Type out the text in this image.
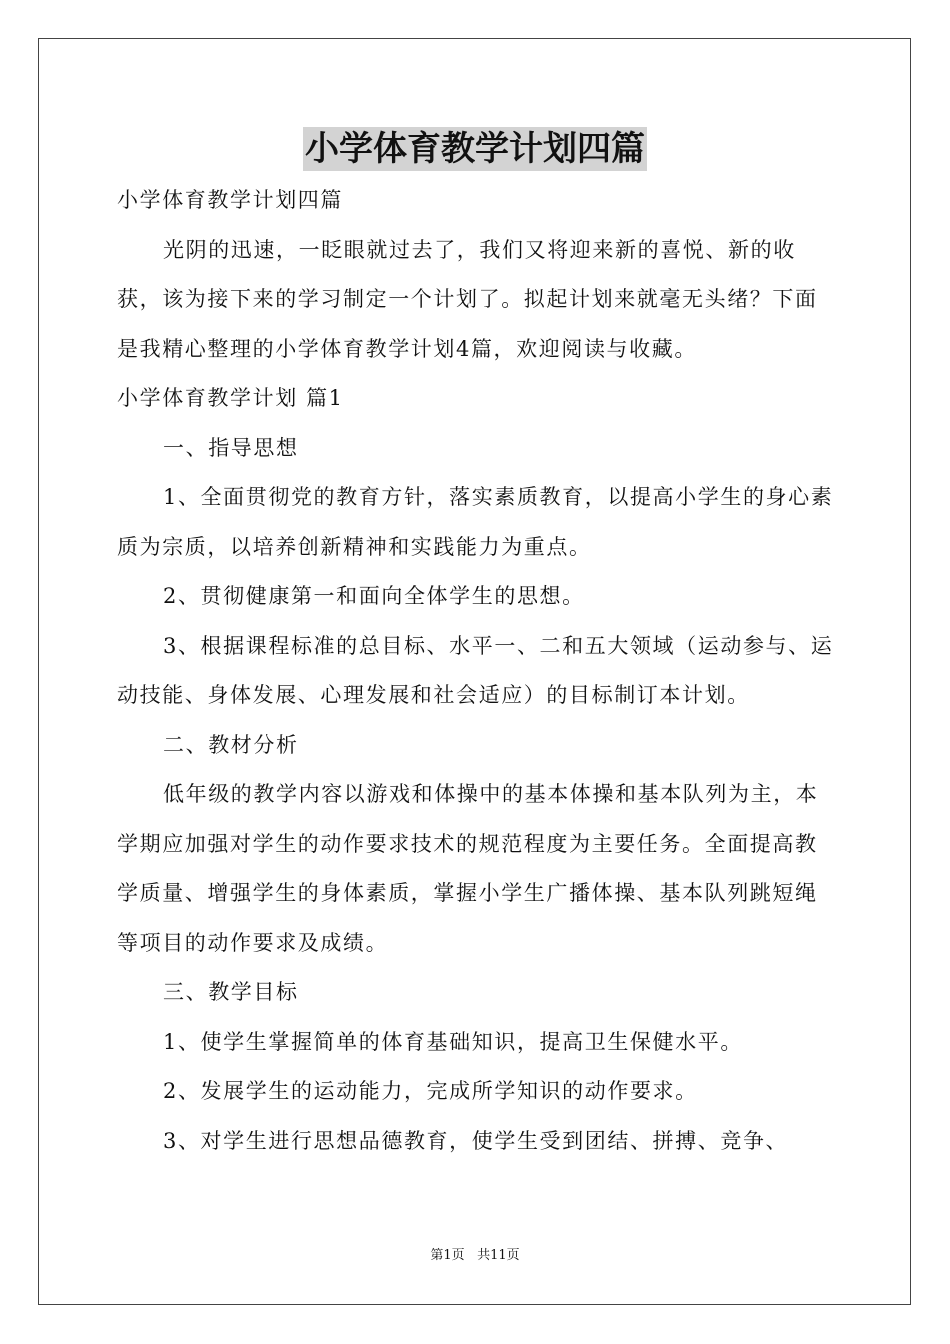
小学体育教学计划四篇

小学体育教学计划四篇

光阴的迅速，一眨眼就过去了，我们又将迎来新的喜悦、新的收获，该为接下来的学习制定一个计划了。拟起计划来就毫无头绪？下面是我精心整理的小学体育教学计划4篇，欢迎阅读与收藏。

小学体育教学计划 篇1

一、指导思想

1、全面贯彻党的教育方针，落实素质教育，以提高小学生的身心素质为宗质，以培养创新精神和实践能力为重点。

2、贯彻健康第一和面向全体学生的思想。

3、根据课程标准的总目标、水平一、二和五大领域（运动参与、运动技能、身体发展、心理发展和社会适应）的目标制订本计划。

二、教材分析

低年级的教学内容以游戏和体操中的基本体操和基本队列为主，本学期应加强对学生的动作要求技术的规范程度为主要任务。全面提高教学质量、增强学生的身体素质，掌握小学生广播体操、基本队列跳短绳等项目的动作要求及成绩。

三、教学目标

1、使学生掌握简单的体育基础知识，提高卫生保健水平。

2、发展学生的运动能力，完成所学知识的动作要求。

3、对学生进行思想品德教育，使学生受到团结、拼搏、竞争、

第1页 共11页
